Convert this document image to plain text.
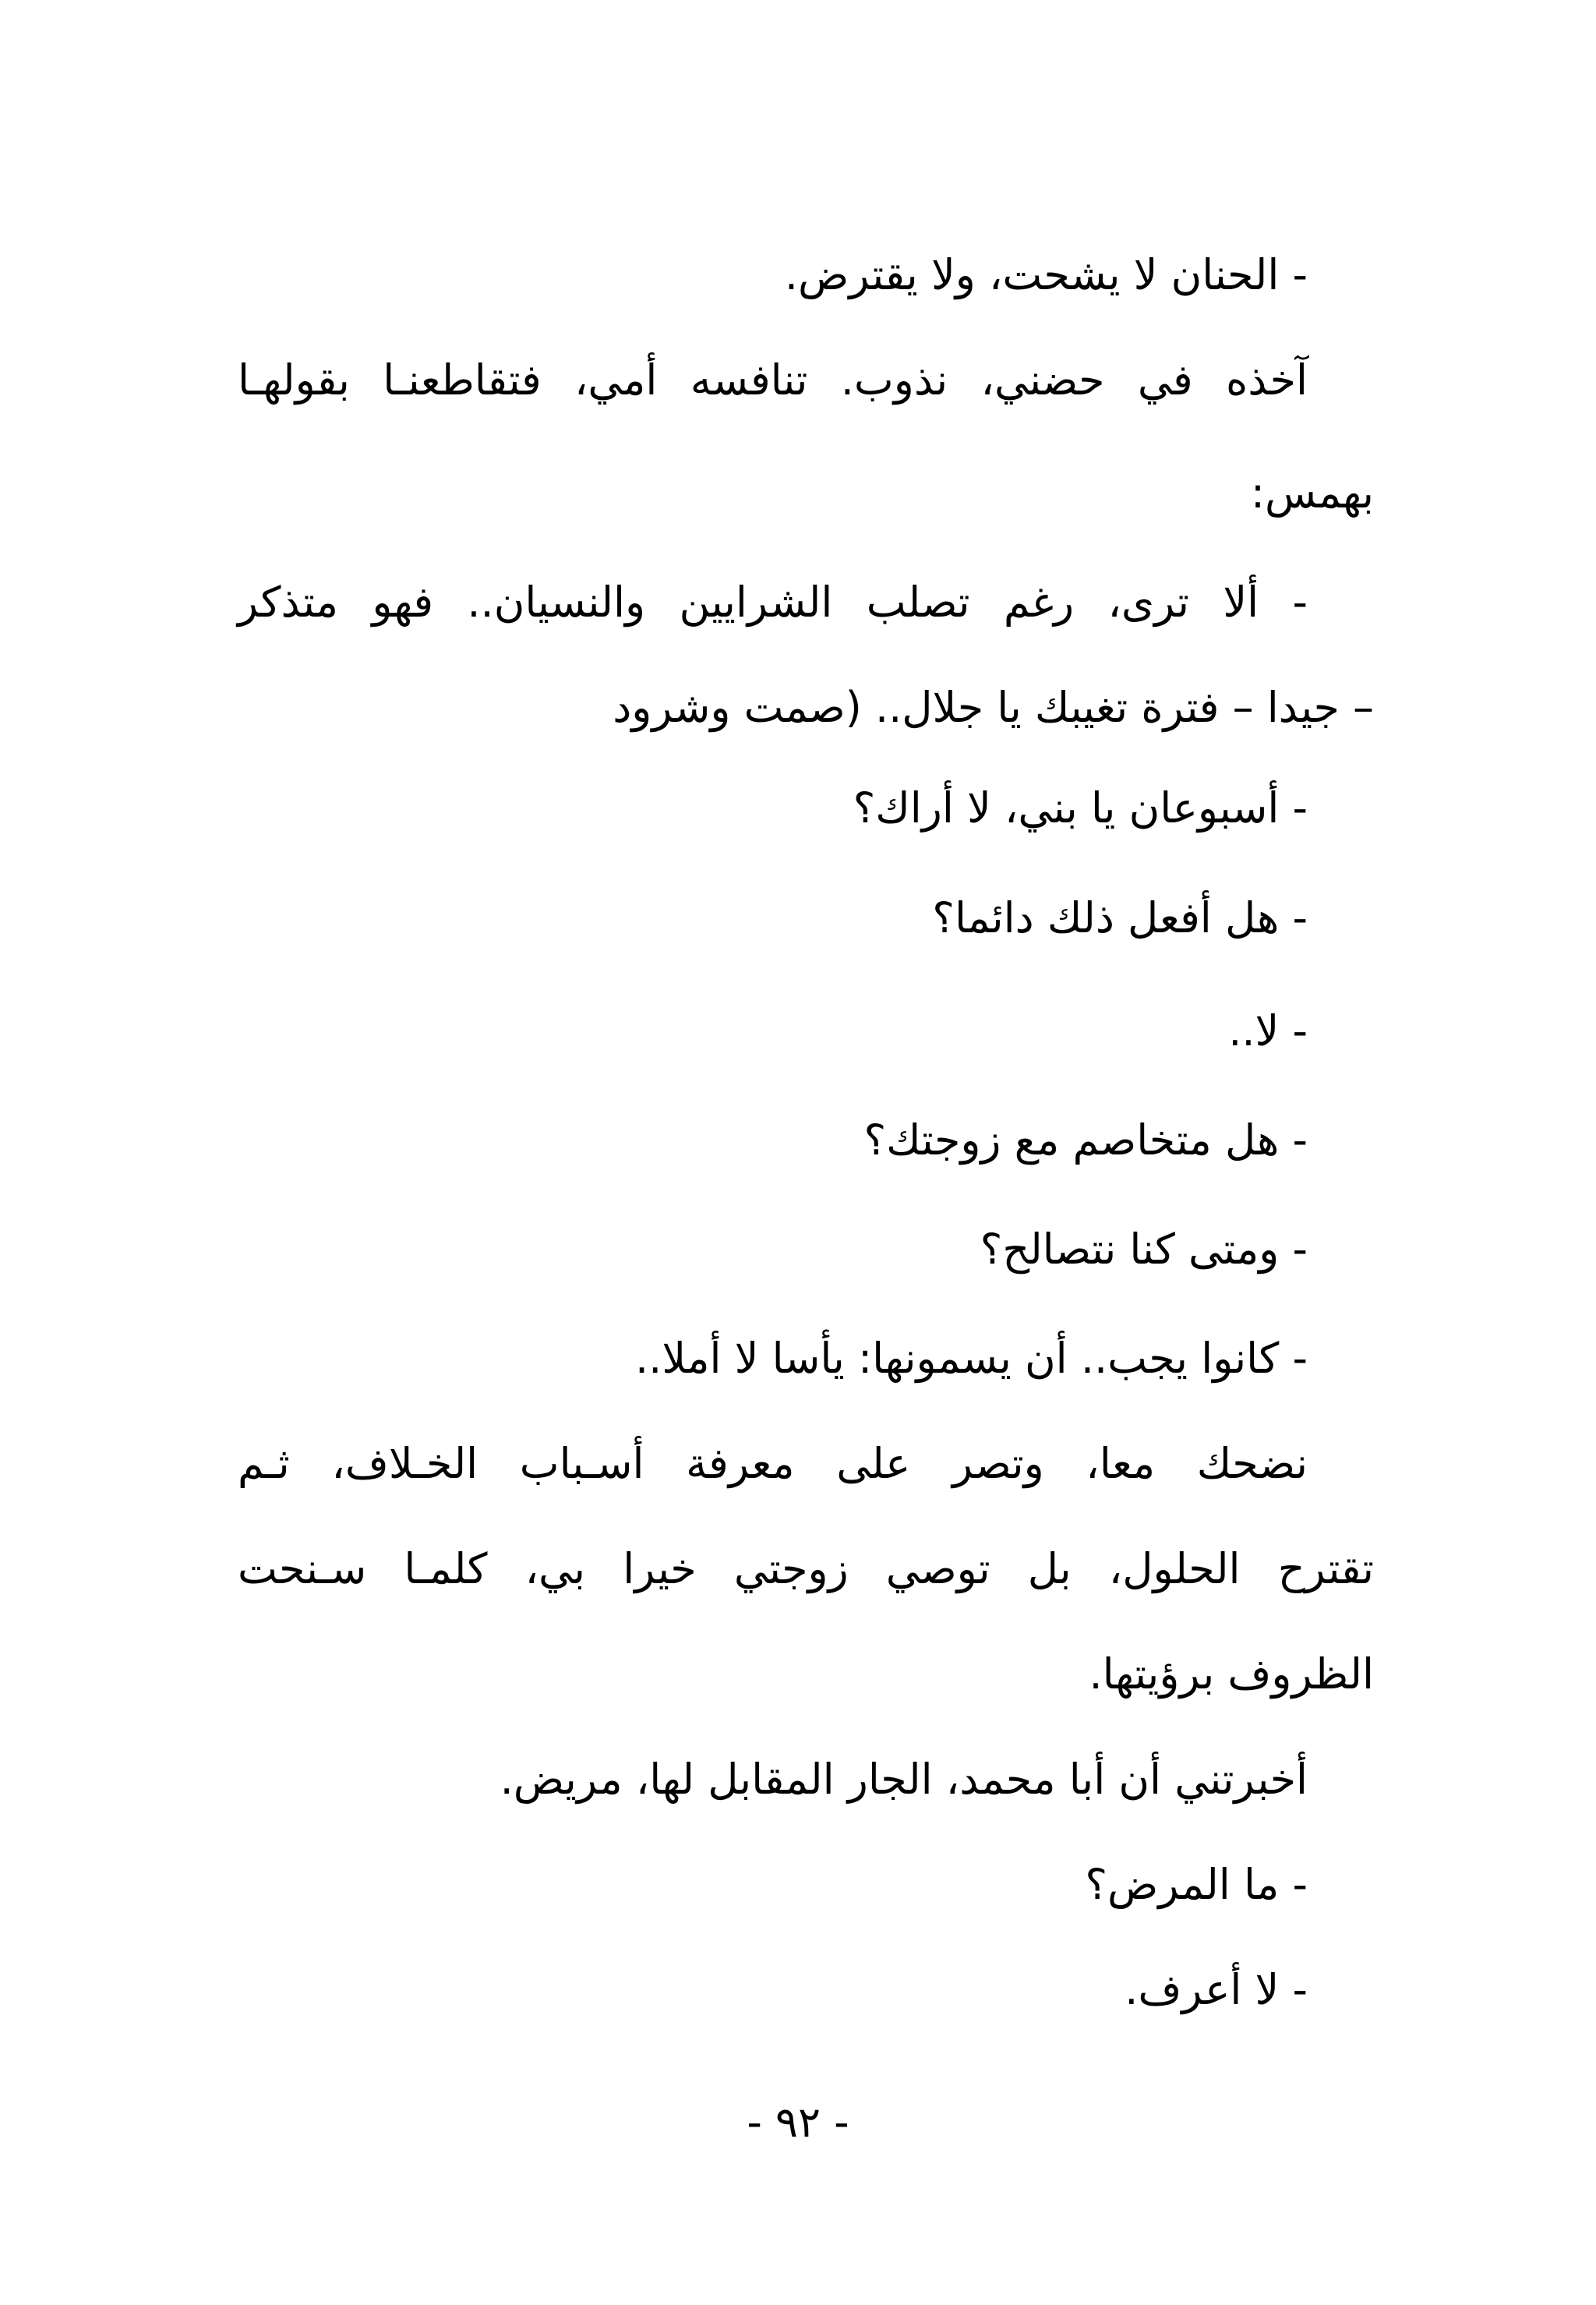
- الحنان لا يشحت، ولا يقترض.
آخذه في حضني، نذوب. تنافسه أمي، فتقاطعنـا بقولهـا
بهمس:
- ألا ترى، رغم تصلب الشرايين والنسيان.. فهو متذكر
– جيدا – فترة تغيبك يا جلال.. (صمت وشرود
- أسبوعان يا بني، لا أراك؟
- هل أفعل ذلك دائما؟
- لا..
- هل متخاصم مع زوجتك؟
- ومتى كنا نتصالح؟
- كانوا يجب.. أن يسمونها: يأسا لا أملا..
نضحك معا، وتصر على معرفة أسـباب الخـلاف، ثـم
تقترح الحلول، بل توصي زوجتي خيرا بي، كلمـا سـنحت
الظروف برؤيتها.
أخبرتني أن أبا محمد، الجار المقابل لها، مريض.
- ما المرض؟
- لا أعرف.
- ٩٢ -
